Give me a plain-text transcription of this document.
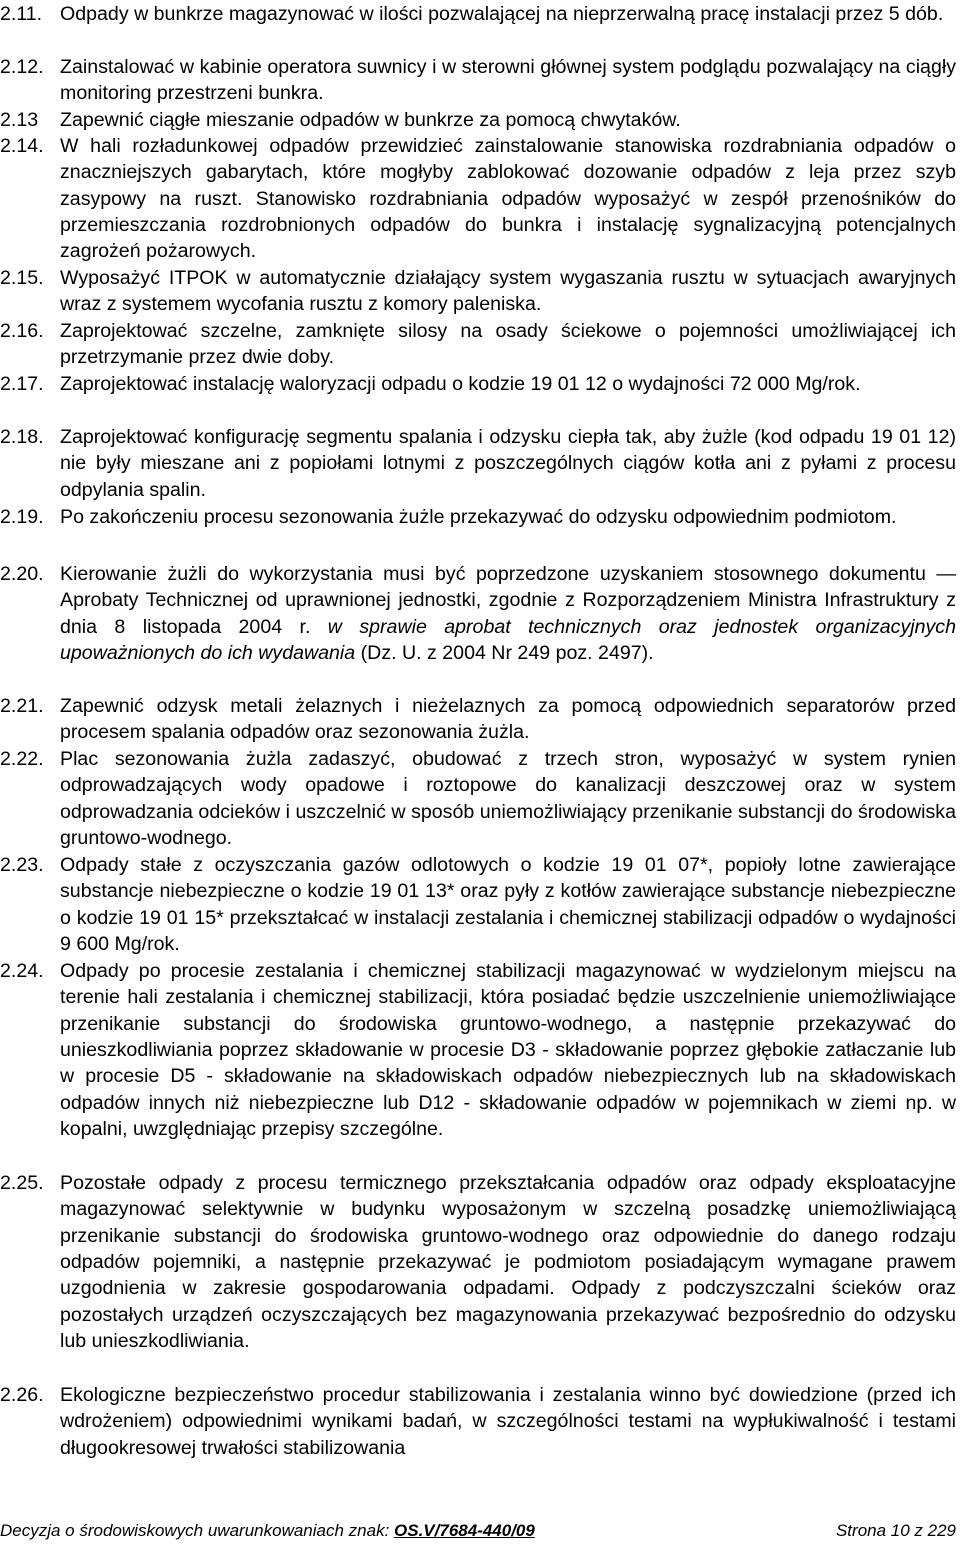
2.11. Odpady w bunkrze magazynować w ilości pozwalającej na nieprzerwalną pracę instalacji przez 5 dób.
2.12. Zainstalować w kabinie operatora suwnicy i w sterowni głównej system podglądu pozwalający na ciągły monitoring przestrzeni bunkra.
2.13	Zapewnić ciągłe mieszanie odpadów w bunkrze za pomocą chwytaków.
2.14. W hali rozładunkowej odpadów przewidzieć zainstalowanie stanowiska rozdrabniania odpadów o znaczniejszych gabarytach, które mogłyby zablokować dozowanie odpadów z leja przez szyb zasypowy na ruszt. Stanowisko rozdrabniania odpadów wyposażyć w zespół przenośników do przemieszczania rozdrobnionych odpadów do bunkra i instalację sygnalizacyjną potencjalnych zagrożeń pożarowych.
2.15. Wyposażyć ITPOK w automatycznie działający system wygaszania rusztu w sytuacjach awaryjnych wraz z systemem wycofania rusztu z komory paleniska.
2.16. Zaprojektować szczelne, zamknięte silosy na osady ściekowe o pojemności umożliwiającej ich przetrzymanie przez dwie doby.
2.17. Zaprojektować instalację waloryzacji odpadu o kodzie 19 01 12 o wydajności 72 000 Mg/rok.
2.18. Zaprojektować konfigurację segmentu spalania i odzysku ciepła tak, aby żużle (kod odpadu 19 01 12) nie były mieszane ani z popiołami lotnymi z poszczególnych ciągów kotła ani z pyłami z procesu odpylania spalin.
2.19. Po zakończeniu procesu sezonowania żużle przekazywać do odzysku odpowiednim podmiotom.
2.20. Kierowanie żużli do wykorzystania musi być poprzedzone uzyskaniem stosownego dokumentu — Aprobaty Technicznej od uprawnionej jednostki, zgodnie z Rozporządzeniem Ministra Infrastruktury z dnia 8 listopada 2004 r. w sprawie aprobat technicznych oraz jednostek organizacyjnych upoważnionych do ich wydawania (Dz. U. z 2004 Nr 249 poz. 2497).
2.21. Zapewnić odzysk metali żelaznych i nieżelaznych za pomocą odpowiednich separatorów przed procesem spalania odpadów oraz sezonowania żużla.
2.22. Plac sezonowania żużla zadaszyć, obudować z trzech stron, wyposażyć w system rynien odprowadzających wody opadowe i roztopowe do kanalizacji deszczowej oraz w system odprowadzania odcieków i uszczelnić w sposób uniemożliwiający przenikanie substancji do środowiska gruntowo-wodnego.
2.23. Odpady stałe z oczyszczania gazów odlotowych o kodzie 19 01 07*, popioły lotne zawierające substancje niebezpieczne o kodzie 19 01 13* oraz pyły z kotłów zawierające substancje niebezpieczne o kodzie 19 01 15* przekształcać w instalacji zestalania i chemicznej stabilizacji odpadów o wydajności 9 600 Mg/rok.
2.24. Odpady po procesie zestalania i chemicznej stabilizacji magazynować w wydzielonym miejscu na terenie hali zestalania i chemicznej stabilizacji, która posiadać będzie uszczelnienie uniemożliwiające przenikanie substancji do środowiska gruntowo-wodnego, a następnie przekazywać do unieszkodliwiania poprzez składowanie w procesie D3 - składowanie poprzez głębokie zatłaczanie lub w procesie D5 - składowanie na składowiskach odpadów niebezpiecznych lub na składowiskach odpadów innych niż niebezpieczne lub D12 - składowanie odpadów w pojemnikach w ziemi np. w kopalni, uwzględniając przepisy szczególne.
2.25. Pozostałe odpady z procesu termicznego przekształcania odpadów oraz odpady eksploatacyjne magazynować selektywnie w budynku wyposażonym w szczelną posadzkę uniemożliwiającą przenikanie substancji do środowiska gruntowo-wodnego oraz odpowiednie do danego rodzaju odpadów pojemniki, a następnie przekazywać je podmiotom posiadającym wymagane prawem uzgodnienia w zakresie gospodarowania odpadami. Odpady z podczyszczalni ścieków oraz pozostałych urządzeń oczyszczających bez magazynowania przekazywać bezpośrednio do odzysku lub unieszkodliwiania.
2.26. Ekologiczne bezpieczeństwo procedur stabilizowania i zestalania winno być dowiedzione (przed ich wdrożeniem) odpowiednimi wynikami badań, w szczególności testami na wypłukiwalność i testami długookresowej trwałości stabilizowania
Decyzja o środowiskowych uwarunkowaniach znak: OS.V/7684-440/09	Strona 10 z 229
